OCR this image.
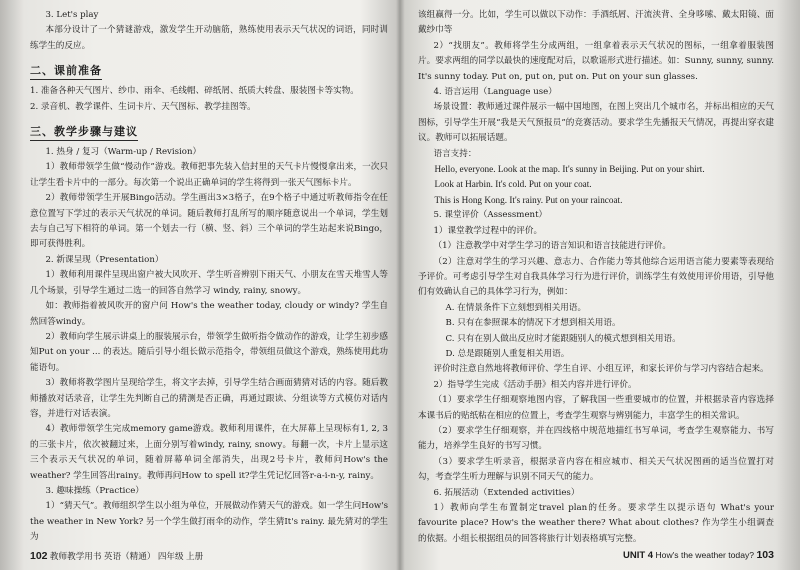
3. Let's play

本部分设计了一个猜谜游戏，激发学生开动脑筋，熟练使用表示天气状况的词语，同时训练学生的反应。

二、课前准备

1. 准备各种天气图片、纱巾、雨伞、毛线帽、碎纸屑、纸质大转盘、服装图卡等实物。

2. 录音机、教学课件、生词卡片、天气图标、教学挂图等。

三、教学步骤与建议

1. 热身 / 复习（Warm-up / Revision）

1）教师带领学生做“慢动作”游戏。教师把事先装入信封里的天气卡片慢慢拿出来，一次只让学生看卡片中的一部分。每次第一个说出正确单词的学生将得到一张天气图标卡片。

2）教师带领学生开展Bingo活动。学生画出3×3格子，在9个格子中通过听教师指令在任意位置写下学过的表示天气状况的单词。随后教师打乱所写的顺序随意说出一个单词，学生划去与自己写下相符的单词。第一个划去一行（横、竖、斜）三个单词的学生站起来说Bingo，即可获得胜利。

2. 新课呈现（Presentation）

1）教师利用课件呈现出窗户被大风吹开、学生听音辨别下雨天气、小朋友在雪天堆雪人等几个场景，引导学生通过二选一的回答自然学习 windy, rainy, snowy。

如：教师指着被风吹开的窗户问 How's the weather today, cloudy or windy? 学生自然回答windy。

2）教师向学生展示讲桌上的服装展示台，带领学生做听指令做动作的游戏，让学生初步感知Put on your ... 的表达。随后引导小组长做示范指令，带领组员做这个游戏，熟练使用此功能语句。

3）教师将教学图片呈现给学生，将文字去掉，引导学生结合画面猜猜对话的内容。随后教师播放对话录音，让学生先判断自己的猜测是否正确，再通过跟读、分组读等方式模仿对话内容，并进行对话表演。

4）教师带领学生完成memory game游戏。教师利用课件，在大屏幕上呈现标有1, 2, 3的三张卡片，依次被翻过来，上面分别写着windy, rainy, snowy。每翻一次，卡片上显示这三个表示天气状况的单词，随着屏幕单词全部消失，出现2号卡片，教师问How's the weather? 学生回答出rainy。教师再问How to spell it?学生凭记忆回答r-a-i-n-y, rainy。

3. 趣味操练（Practice）

1）“猜天气”。教师组织学生以小组为单位，开展做动作猜天气的游戏。如一学生问How's the weather in New York? 另一个学生做打雨伞的动作，学生猜It's rainy. 最先猜对的学生为

102 教师教学用书 英语（精通） 四年级 上册

该组赢得一分。比如，学生可以做以下动作：手酒纸屑、汗流浃背、全身哆嗦、戴太阳镜、面戴纱巾等

2）“找朋友”。教师将学生分成两组，一组拿着表示天气状况的图标，一组拿着服装图片。要求两组的同学以最快的速度配对后，以歌谣形式进行描述。如：Sunny, sunny, sunny. It's sunny today. Put on, put on, put on. Put on your sun glasses.

4. 语言运用（Language use）

场景设置：教师通过课件展示一幅中国地图，在图上突出几个城市名，并标出相应的天气图标，引导学生开展“我是天气预报员”的竞赛活动。要求学生先播报天气情况，再提出穿衣建议。教师可以拓展话题。

语言支持：

Hello, everyone. Look at the map. It's sunny in Beijing. Put on your shirt.

Look at Harbin. It's cold. Put on your coat.

This is Hong Kong. It's rainy. Put on your raincoat.

5. 课堂评价（Assessment）

1）课堂教学过程中的评价。

（1）注意教学中对学生学习的语言知识和语言技能进行评价。

（2）注意对学生的学习兴趣、意志力、合作能力等其他综合运用语言能力要素等表现给予评价。可考虑引导学生对自我具体学习行为进行评价，训练学生有效使用评价用语，引导他们有效确认自己的具体学习行为，例如：

A. 在情景条件下立刻想到相关用语。

B. 只有在参照课本的情况下才想到相关用语。

C. 只有在别人做出反应时才能跟随别人的模式想到相关用语。

D. 总是跟随别人重复相关用语。

评价时注意自然地将教师评价、学生自评、小组互评，和家长评价与学习内容结合起来。

2）指导学生完成《活动手册》相关内容并进行评价。

（1）要求学生仔细观察地图内容，了解我国一些重要城市的位置，并根据录音内容选择本课书后的贴纸粘在相应的位置上，考查学生观察与辨别能力，丰富学生的相关常识。

（2）要求学生仔细观察，并在四线格中规范地描红书写单词，考查学生观察能力、书写能力，培养学生良好的书写习惯。

（3）要求学生听录音，根据录音内容在相应城市、相关天气状况图画的适当位置打对勾，考查学生听力理解与识别不同天气的能力。

6. 拓展活动（Extended activities）

1）教师向学生布置制定travel plan的任务。要求学生以提示语句 What's your favourite place? How's the weather there? What about clothes? 作为学生小组调查的依据。小组长根据组员的回答将旅行计划表格填写完整。

UNIT 4 How's the weather today? 103
